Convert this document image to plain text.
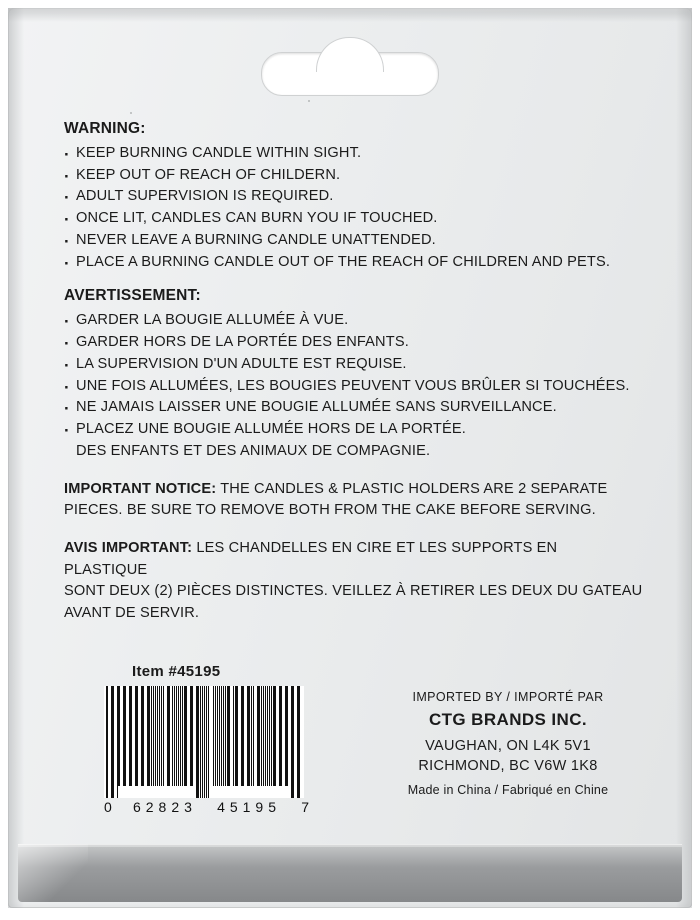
WARNING:
· KEEP BURNING CANDLE WITHIN SIGHT.
· KEEP OUT OF REACH OF CHILDERN.
· ADULT SUPERVISION IS REQUIRED.
· ONCE LIT, CANDLES CAN BURN YOU IF TOUCHED.
· NEVER LEAVE A BURNING CANDLE UNATTENDED.
· PLACE A BURNING CANDLE OUT OF THE REACH OF CHILDREN AND PETS.
AVERTISSEMENT:
· GARDER LA BOUGIE ALLUMÉE À VUE.
· GARDER HORS DE LA PORTÉE DES ENFANTS.
· LA SUPERVISION D'UN ADULTE EST REQUISE.
· UNE FOIS ALLUMÉES, LES BOUGIES PEUVENT VOUS BRÛLER SI TOUCHÉES.
· NE JAMAIS LAISSER UNE BOUGIE ALLUMÉE SANS SURVEILLANCE.
· PLACEZ UNE BOUGIE ALLUMÉE HORS DE LA PORTÉE.
DES ENFANTS ET DES ANIMAUX DE COMPAGNIE.
IMPORTANT NOTICE: THE CANDLES & PLASTIC HOLDERS ARE 2 SEPARATE
PIECES. BE SURE TO REMOVE BOTH FROM THE CAKE BEFORE SERVING.
AVIS IMPORTANT: LES CHANDELLES EN CIRE ET LES SUPPORTS EN PLASTIQUE
SONT DEUX (2) PIÈCES DISTINCTES. VEILLEZ À RETIRER LES DEUX DU GATEAU
AVANT DE SERVIR.
Item #45195
0 62823 45195 7
IMPORTED BY / IMPORTÉ PAR
CTG BRANDS INC.
VAUGHAN, ON L4K 5V1
RICHMOND, BC V6W 1K8
Made in China / Fabriqué en Chine
